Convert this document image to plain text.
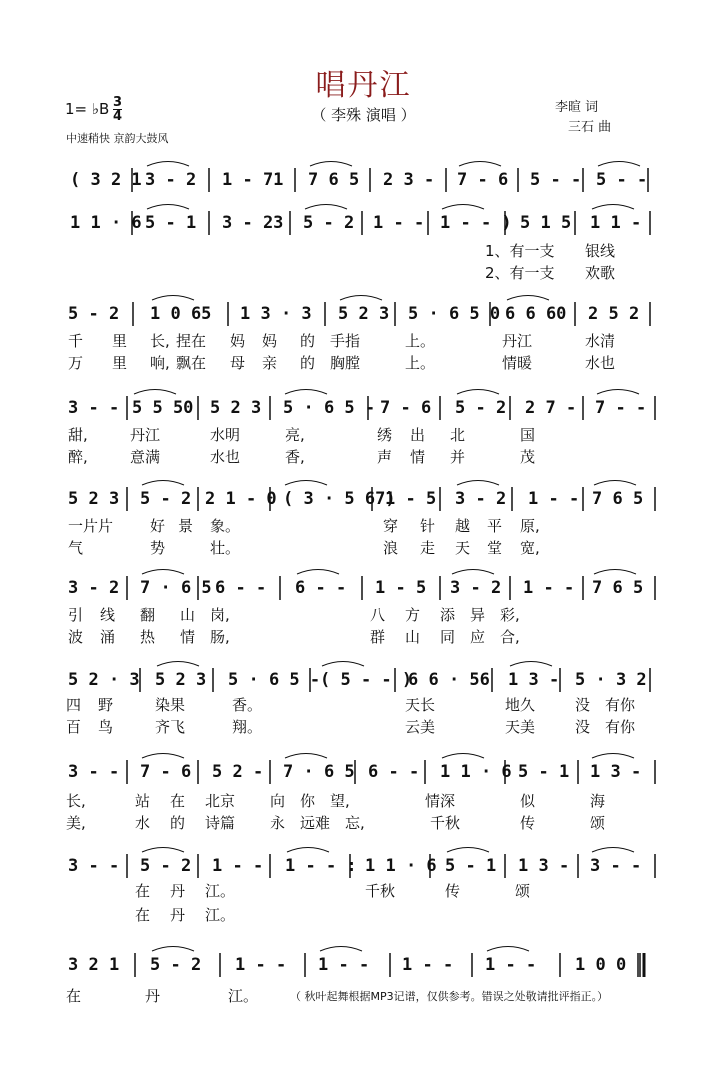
唱丹江
（ 李殊 演唱 ）
1= ♭B 3
4
中速稍快 京韵大鼓风
李暄 词
三石 曲
( 3 2 1 3 - 2 1 - 71 7 6 5 2 3 - 7 - 6 5 - - 5 - -
1 1 · 6 5 - 1 3 - 23 5 - 2 1 - - 1 - - ) 5 1 5 1 1 -
1、有一支 银线
2、有一支 欢歌
5 - 2 1 0 65 1 3 · 3 5 2 3 5 · 6 5 0 6 6 60 2 5 2
千 里 长, 捏在 妈 妈 的 手指	上。	丹江	水清
万 里 响, 飘在 母 亲 的 胸膛	上。	情暖	水也
3 - - 5 5 50 5 2 3 5 · 6 5 - 7 - 6 5 - 2 2 7 - 7 - -
甜,	丹江	水明	亮,	绣 出 北	国
醉,	意满	水也	香,	声 情 并	茂
5 2 3 5 - 2 2 1 - 0 ( 3 · 5 67)
1 - 5 3 - 2 1 - - 7 6 5
一片片 好 景 象。	穿 针 越 平 原,
气	势	壮。	浪 走 天 堂 宽,
3 - 2 7 · 6 5 6 - - 6 - - 1 - 5 3 - 2 1 - - 7 6 5
引 线 翻 山 岗,	八 方 添 异 彩,
波 涌 热 情 肠,	群 山 同 应 合,
5 2 · 3 5 2 3 5 · 6 5 - ( 5 - - )
6 6 · 56 1 3 - 5 · 3 2
四 野	染果	香。	天长	地久	没 有你
百 鸟	齐飞	翔。	云美	天美	没 有你
3 - - 7 - 6 5 2 - 7 · 6 5 6 - - 1 1 · 6 5 - 1 1 3 -
长,	站 在 北京 向 你 望,	情深	似	海
美,	水 的 诗篇 永 远难 忘,	千秋	传	颂
3 - - 5 - 2 1 - - 1 - - : 1 1 · 6 5 - 1 1 3 - 3 - -
在 丹 江。	千秋	传	颂
在 丹 江。
3 2 1 5 - 2 1 - - 1 - - 1 - - 1 - - 1 0 0
在	丹	江。	（ 秋叶起舞根据MP3记谱，仅供参考。错误之处敬请批评指正。）
